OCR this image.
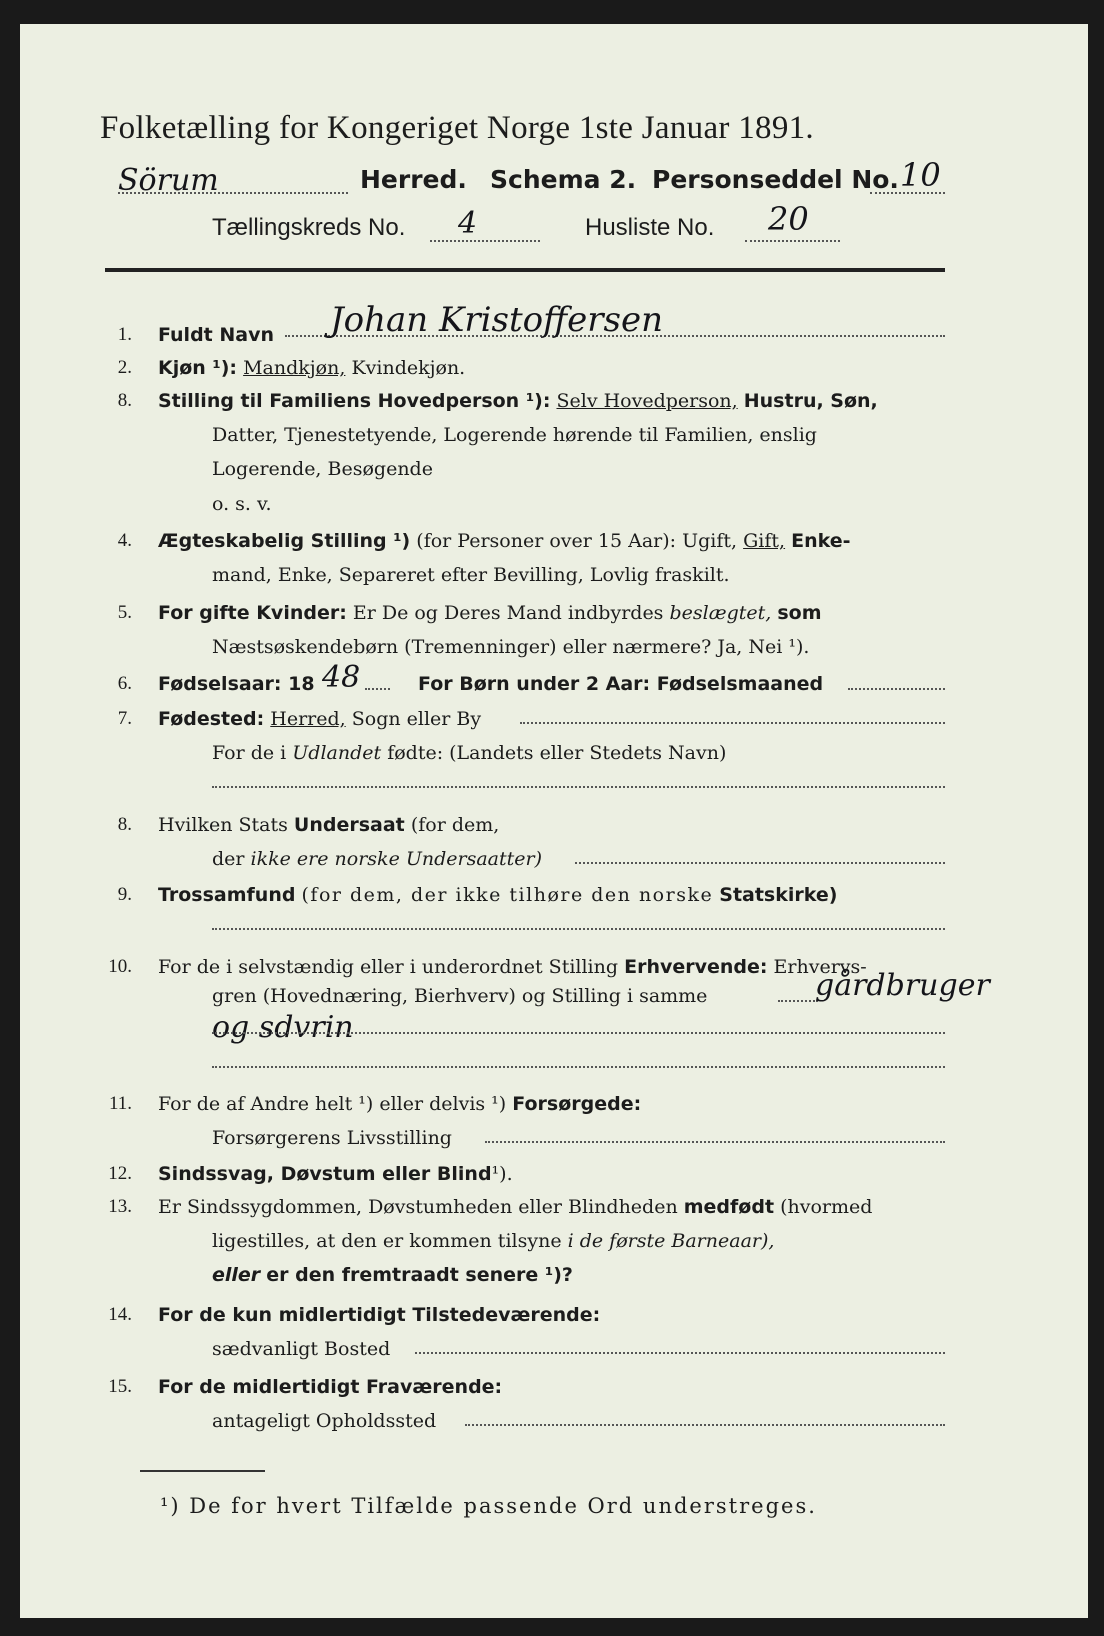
Folketælling for Kongeriget Norge 1ste Januar 1891.
Sörum	Herred. Schema 2. Personseddel No. 10
Tællingskreds No. 4	Husliste No. 20
1. Fuldt Navn Johan Kristoffersen
2. Kjøn ¹): Mandkjøn, Kvindekjøn.
8. Stilling til Familiens Hovedperson ¹): Selv Hovedperson, Hustru, Søn,
Datter, Tjenestetyende, Logerende hørende til Familien, enslig
Logerende, Besøgende
o. s. v.
4. Ægteskabelig Stilling ¹) (for Personer over 15 Aar): Ugift, Gift, Enke-
mand, Enke, Separeret efter Bevilling, Lovlig fraskilt.
5. For gifte Kvinder: Er De og Deres Mand indbyrdes beslægtet, som
Næstsøskendebørn (Tremenninger) eller nærmere? Ja, Nei ¹).
6. Fødselsaar: 18 48	For Børn under 2 Aar: Fødselsmaaned
7. Fødested: Herred, Sogn eller By
For de i Udlandet fødte: (Landets eller Stedets Navn)
8. Hvilken Stats Undersaat (for dem,
der ikke ere norske Undersaatter)
9. Trossamfund (for dem, der ikke tilhøre den norske Statskirke)
10. For de i selvstændig eller i underordnet Stilling Erhvervende: Erhvervs-
gren (Hovednæring, Bierhverv) og Stilling i samme	gårdbruger
og sdvrin
11. For de af Andre helt ¹) eller delvis ¹) Forsørgede:
Forsørgerens Livsstilling
12. Sindssvag, Døvstum eller Blind¹).
13. Er Sindssygdommen, Døvstumheden eller Blindheden medfødt (hvormed
ligestilles, at den er kommen tilsyne i de første Barneaar),
eller er den fremtraadt senere ¹)?
14. For de kun midlertidigt Tilstedeværende:
sædvanligt Bosted
15. For de midlertidigt Fraværende:
antageligt Opholdssted
¹) De for hvert Tilfælde passende Ord understreges.
